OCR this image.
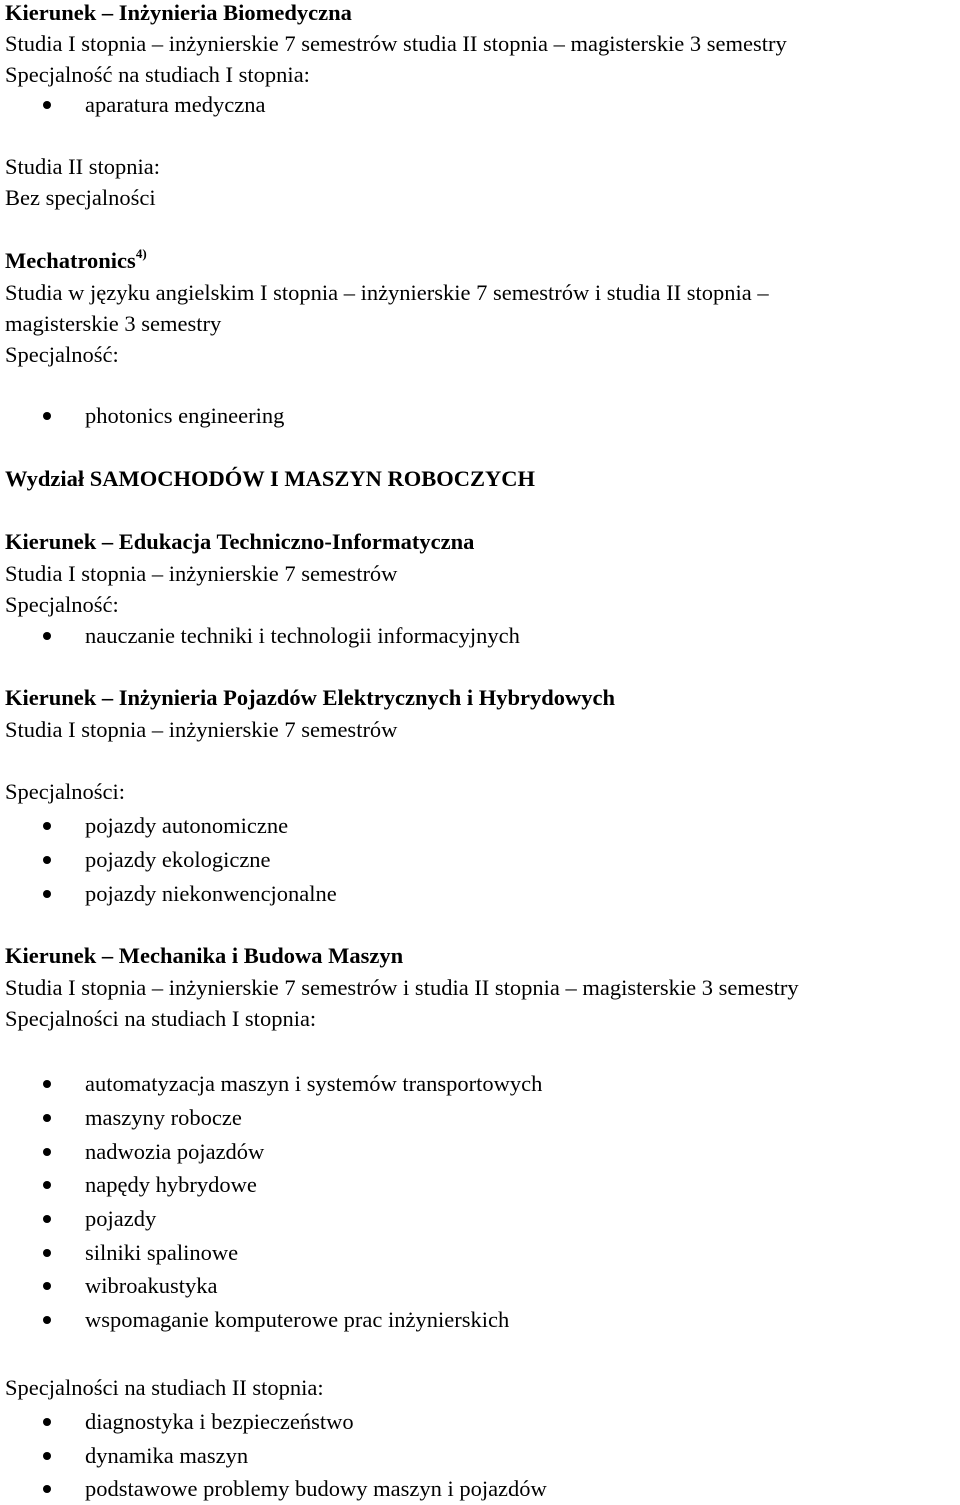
Kierunek – Inżynieria Biomedyczna
Studia I stopnia – inżynierskie 7 semestrów studia II stopnia – magisterskie 3 semestry
Specjalność na studiach I stopnia:
aparatura medyczna
Studia II stopnia:
Bez specjalności
Mechatronics$^{4)}$
Studia w języku angielskim I stopnia – inżynierskie 7 semestrów i studia II stopnia –
magisterskie 3 semestry
Specjalność:
photonics engineering
Wydział SAMOCHODÓW I MASZYN ROBOCZYCH
Kierunek – Edukacja Techniczno-Informatyczna
Studia I stopnia – inżynierskie 7 semestrów
Specjalność:
nauczanie techniki i technologii informacyjnych
Kierunek – Inżynieria Pojazdów Elektrycznych i Hybrydowych
Studia I stopnia – inżynierskie 7 semestrów
Specjalności:
pojazdy autonomiczne
pojazdy ekologiczne
pojazdy niekonwencjonalne
Kierunek – Mechanika i Budowa Maszyn
Studia I stopnia – inżynierskie 7 semestrów i studia II stopnia – magisterskie 3 semestry
Specjalności na studiach I stopnia:
automatyzacja maszyn i systemów transportowych
maszyny robocze
nadwozia pojazdów
napędy hybrydowe
pojazdy
silniki spalinowe
wibroakustyka
wspomaganie komputerowe prac inżynierskich
Specjalności na studiach II stopnia:
diagnostyka i bezpieczeństwo
dynamika maszyn
podstawowe problemy budowy maszyn i pojazdów
